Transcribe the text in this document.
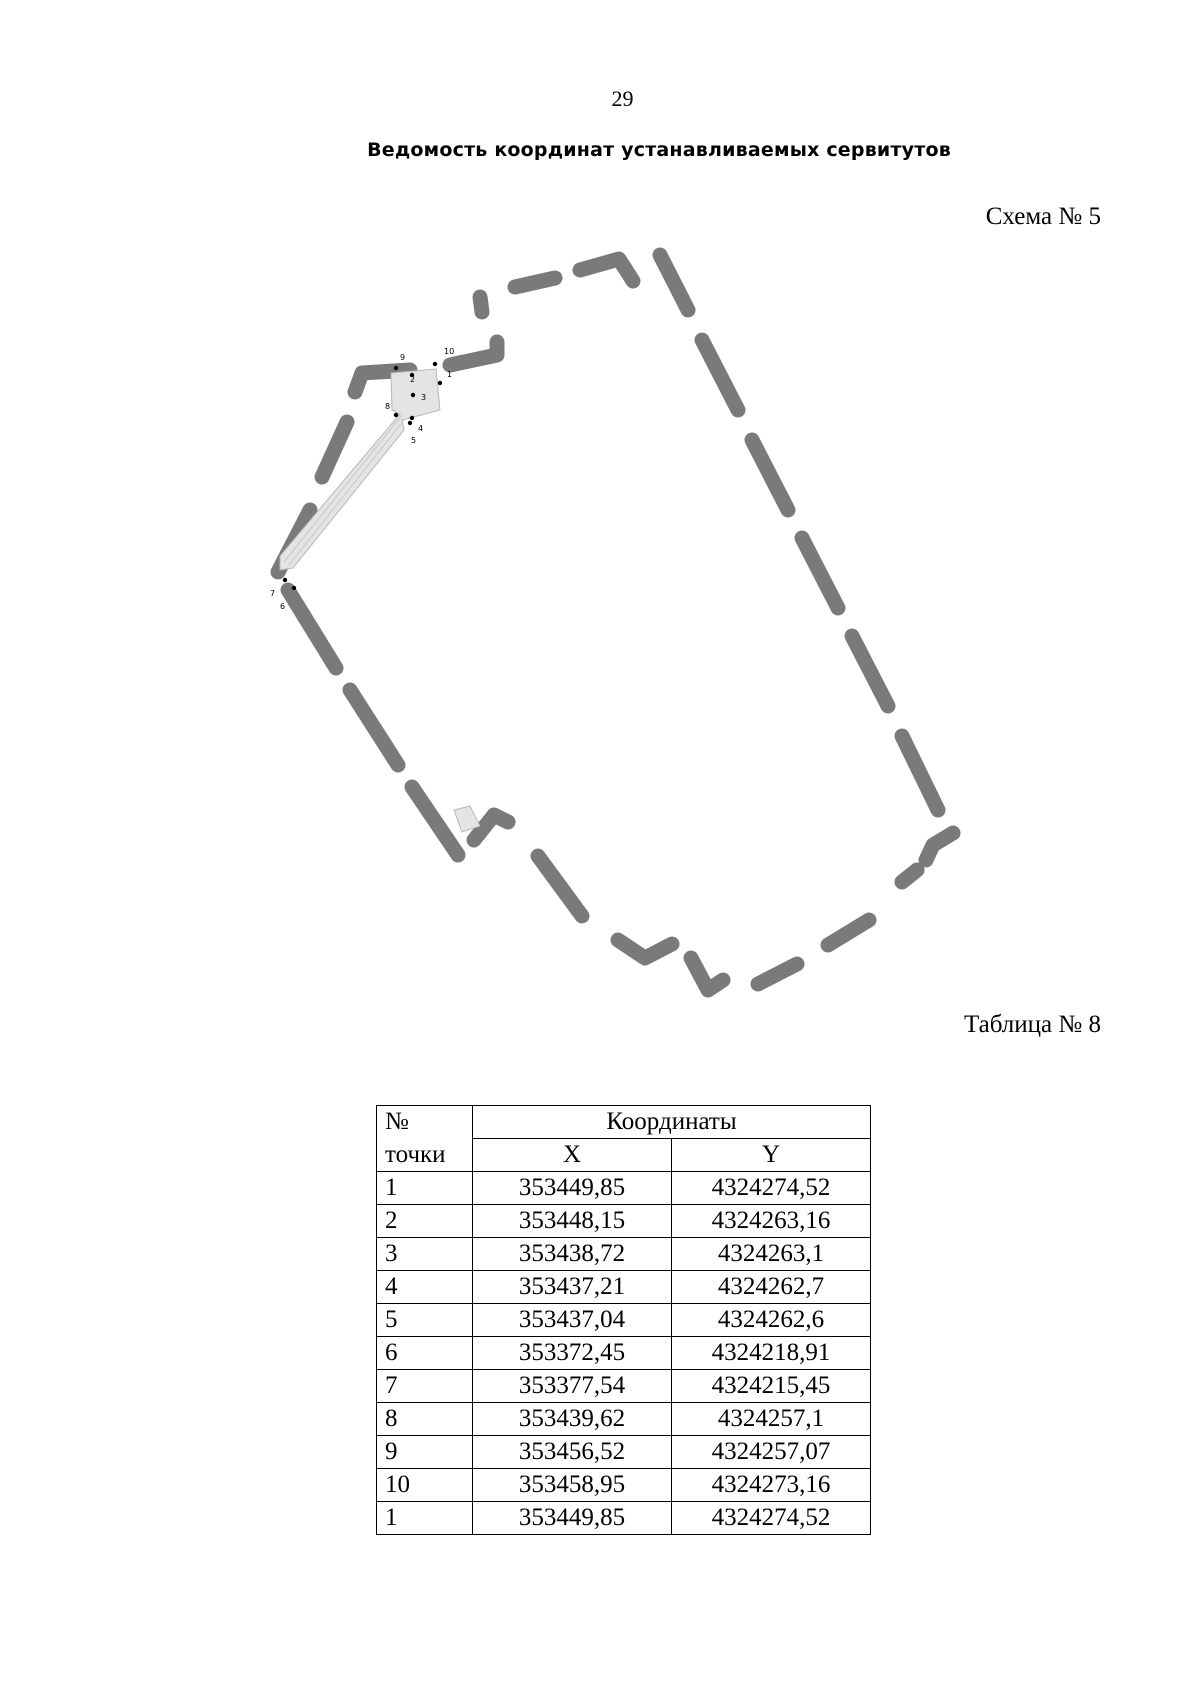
29
Ведомость координат устанавливаемых сервитутов
Схема № 5
1
2
3
4
5
6
7
8
9
10
Таблица № 8
№	Координаты	
точки	X	Y
1	353449,85	4324274,52
2	353448,15	4324263,16
3	353438,72	4324263,1
4	353437,21	4324262,7
5	353437,04	4324262,6
6	353372,45	4324218,91
7	353377,54	4324215,45
8	353439,62	4324257,1
9	353456,52	4324257,07
10	353458,95	4324273,16
1	353449,85	4324274,52
